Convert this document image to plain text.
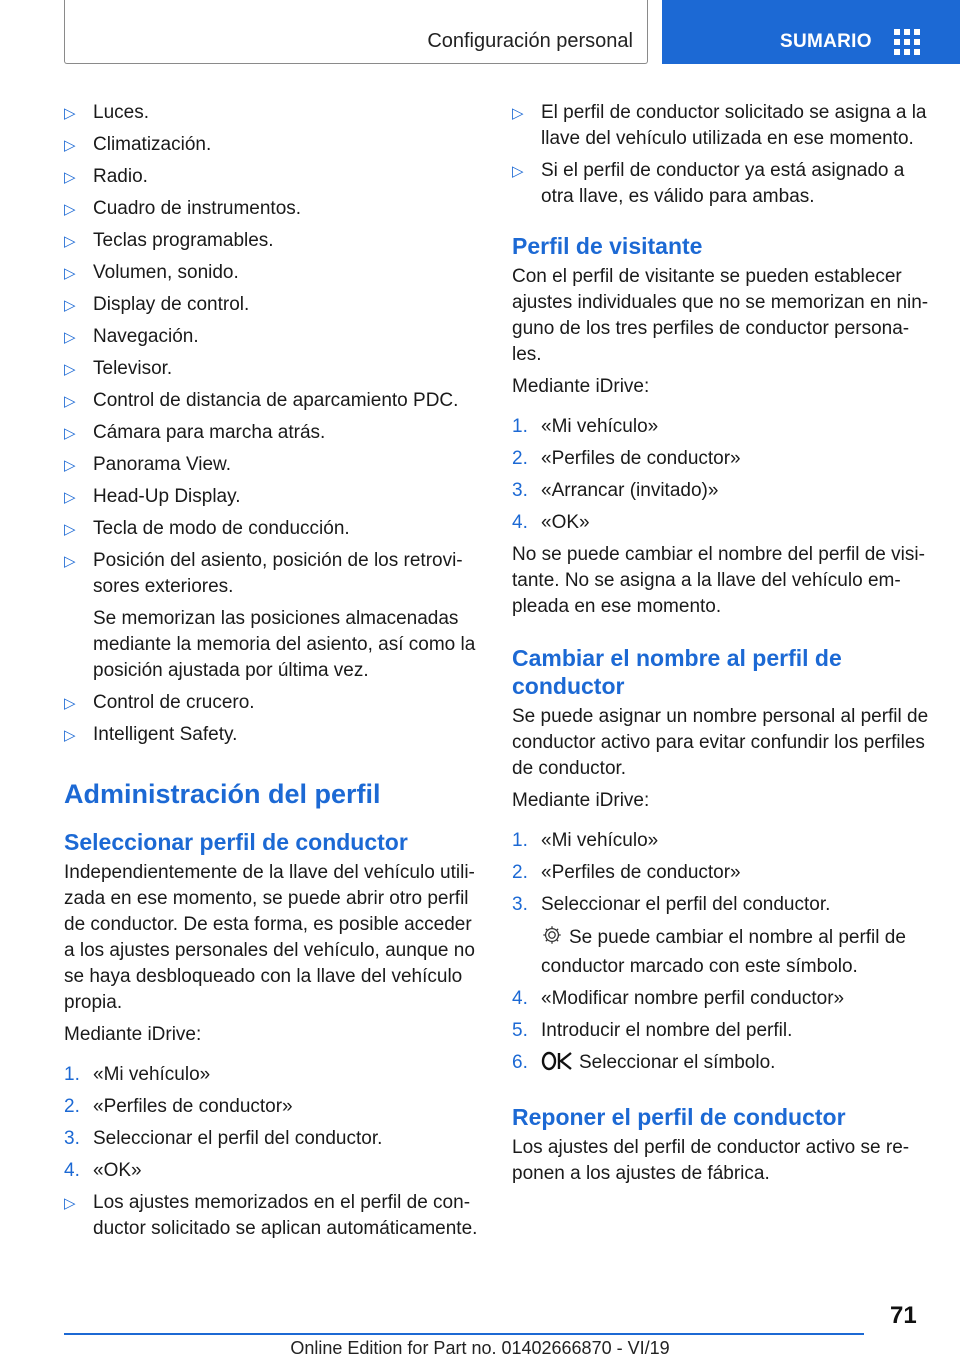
Configuración personal	SUMARIO
▷ Luces.
▷ Climatización.
▷ Radio.
▷ Cuadro de instrumentos.
▷ Teclas programables.
▷ Volumen, sonido.
▷ Display de control.
▷ Navegación.
▷ Televisor.
▷ Control de distancia de aparcamiento PDC.
▷ Cámara para marcha atrás.
▷ Panorama View.
▷ Head-Up Display.
▷ Tecla de modo de conducción.
▷ Posición del asiento, posición de los retrovi‐ sores exteriores.
Se memorizan las posiciones almacenadas mediante la memoria del asiento, así como la posición ajustada por última vez.
▷ Control de crucero.
▷ Intelligent Safety.
Administración del perfil
Seleccionar perfil de conductor
Independientemente de la llave del vehículo utili‐ zada en ese momento, se puede abrir otro perfil de conductor. De esta forma, es posible acceder a los ajustes personales del vehículo, aunque no se haya desbloqueado con la llave del vehículo propia.
Mediante iDrive:
1. «Mi vehículo»
2. «Perfiles de conductor»
3. Seleccionar el perfil del conductor.
4. «OK»
▷ Los ajustes memorizados en el perfil de con‐ ductor solicitado se aplican automáticamente.
▷ El perfil de conductor solicitado se asigna a la llave del vehículo utilizada en ese momento.
▷ Si el perfil de conductor ya está asignado a otra llave, es válido para ambas.
Perfil de visitante
Con el perfil de visitante se pueden establecer ajustes individuales que no se memorizan en nin‐ guno de los tres perfiles de conductor persona‐ les.
Mediante iDrive:
1. «Mi vehículo»
2. «Perfiles de conductor»
3. «Arrancar (invitado)»
4. «OK»
No se puede cambiar el nombre del perfil de visi‐ tante. No se asigna a la llave del vehículo em‐ pleada en ese momento.
Cambiar el nombre al perfil de conductor
Se puede asignar un nombre personal al perfil de conductor activo para evitar confundir los perfiles de conductor.
Mediante iDrive:
1. «Mi vehículo»
2. «Perfiles de conductor»
3. Seleccionar el perfil del conductor.
Se puede cambiar el nombre al perfil de conductor marcado con este símbolo.
4. «Modificar nombre perfil conductor»
5. Introducir el nombre del perfil.
6.	Seleccionar el símbolo.
Reponer el perfil de conductor
Los ajustes del perfil de conductor activo se re‐ ponen a los ajustes de fábrica.
71
Online Edition for Part no. 01402666870 - VI/19
